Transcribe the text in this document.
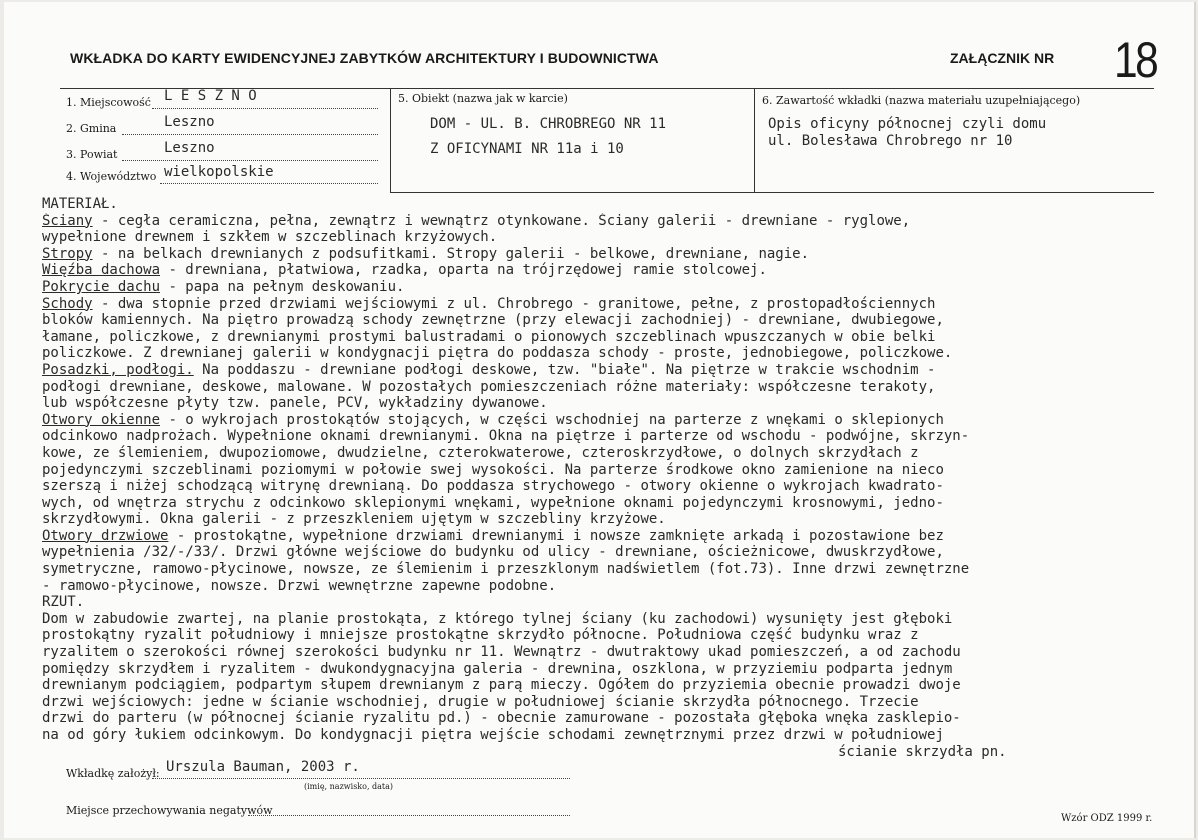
WKŁADKA DO KARTY EWIDENCYJNEJ ZABYTKÓW ARCHITEKTURY I BUDOWNICTWA	ZAŁĄCZNIK NR 18
1. Miejscowość L E S Z N O
2. Gmina	Leszno
3. Powiat	Leszno
4. Województwo wielkopolskie
5. Obiekt (nazwa jak w karcie)
DOM - UL. B. CHROBREGO NR 11
Z OFICYNAMI NR 11a i 10
6. Zawartość wkładki (nazwa materiału uzupełniającego)
Opis oficyny północnej czyli domu
ul. Bolesława Chrobrego nr 10
MATERIAŁ.
Ściany - cegła ceramiczna, pełna, zewnątrz i wewnątrz otynkowane. Ściany galerii - drewniane - ryglowe,
wypełnione drewnem i szkłem w szczeblinach krzyżowych.
Stropy - na belkach drewnianych z podsufitkami. Stropy galerii - belkowe, drewniane, nagie.
Więźba dachowa - drewniana, płatwiowa, rzadka, oparta na trójrzędowej ramie stolcowej.
Pokrycie dachu - papa na pełnym deskowaniu.
Schody - dwa stopnie przed drzwiami wejściowymi z ul. Chrobrego - granitowe, pełne, z prostopadłościennych
bloków kamiennych. Na piętro prowadzą schody zewnętrzne (przy elewacji zachodniej) - drewniane, dwubiegowe,
łamane, policzkowe, z drewnianymi prostymi balustradami o pionowych szczeblinach wpuszczanych w obie belki
policzkowe. Z drewnianej galerii w kondygnacji piętra do poddasza schody - proste, jednobiegowe, policzkowe.
Posadzki, podłogi. Na poddaszu - drewniane podłogi deskowe, tzw. "białe". Na piętrze w trakcie wschodnim -
podłogi drewniane, deskowe, malowane. W pozostałych pomieszczeniach różne materiały: współczesne terakoty,
lub współczesne płyty tzw. panele, PCV, wykładziny dywanowe.
Otwory okienne - o wykrojach prostokątów stojących, w części wschodniej na parterze z wnękami o sklepionych
odcinkowo nadprożach. Wypełnione oknami drewnianymi. Okna na piętrze i parterze od wschodu - podwójne, skrzyn-
kowe, ze ślemieniem, dwupoziomowe, dwudzielne, czterokwaterowe, czteroskrzydłowe, o dolnych skrzydłach z
pojedynczymi szczeblinami poziomymi w połowie swej wysokości. Na parterze środkowe okno zamienione na nieco
szerszą i niżej schodzącą witrynę drewnianą. Do poddasza strychowego - otwory okienne o wykrojach kwadrato-
wych, od wnętrza strychu z odcinkowo sklepionymi wnękami, wypełnione oknami pojedynczymi krosnowymi, jedno-
skrzydłowymi. Okna galerii - z przeszkleniem ujętym w szczebliny krzyżowe.
Otwory drzwiowe - prostokątne, wypełnione drzwiami drewnianymi i nowsze zamknięte arkadą i pozostawione bez
wypełnienia /32/-/33/. Drzwi główne wejściowe do budynku od ulicy - drewniane, ościeżnicowe, dwuskrzydłowe,
symetryczne, ramowo-płycinowe, nowsze, ze ślemienim i przeszklonym nadświetlem (fot.73). Inne drzwi zewnętrzne
- ramowo-płycinowe, nowsze. Drzwi wewnętrzne zapewne podobne.
RZUT.
Dom w zabudowie zwartej, na planie prostokąta, z którego tylnej ściany (ku zachodowi) wysunięty jest głęboki
prostokątny ryzalit południowy i mniejsze prostokątne skrzydło północne. Południowa część budynku wraz z
ryzalitem o szerokości równej szerokości budynku nr 11. Wewnątrz - dwutraktowy ukad pomieszczeń, a od zachodu
pomiędzy skrzydłem i ryzalitem - dwukondygnacyjna galeria - drewnina, oszklona, w przyziemiu podparta jednym
drewnianym podciągiem, podpartym słupem drewnianym z parą mieczy. Ogółem do przyziemia obecnie prowadzi dwoje
drzwi wejściowych: jedne w ścianie wschodniej, drugie w południowej ścianie skrzydła północnego. Trzecie
drzwi do parteru (w północnej ścianie ryzalitu pd.) - obecnie zamurowane - pozostała głęboka wnęka zasklepio-
na od góry łukiem odcinkowym. Do kondygnacji piętra wejście schodami zewnętrznymi przez drzwi w południowej
ścianie skrzydła pn.
Wkładkę założył: Urszula Bauman, 2003 r.
(imię, nazwisko, data)
Miejsce przechowywania negatywów
Wzór ODZ 1999 r.
